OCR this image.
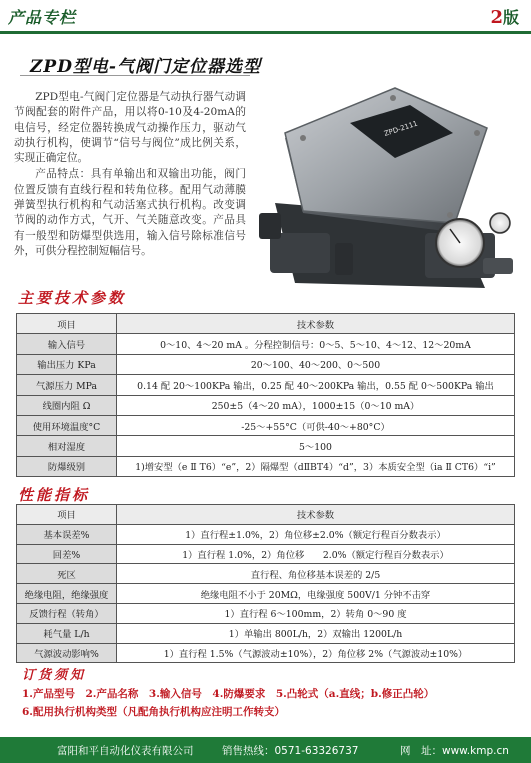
产品专栏	2版
ZPD型电-气阀门定位器选型

ZPD型电-气阀门定位器是气动执行器气动调节阀配套的附件产品，用以将0-10及4-20mA的电信号，经定位器转换成气动操作压力，驱动气动执行机构，使调节“信号与阀位”成比例关系，实现正确定位。

产品特点：具有单输出和双输出功能，阀门位置反馈有直线行程和转角位移。配用气动薄膜弹簧型执行机构和气动活塞式执行机构。改变调节阀的动作方式，气开、气关随意改变。产品具有一般型和防爆型供选用，输入信号除标准信号外，可供分程控制短幅信号。

ZPD-2111
主要技术参数
项目	技术参数
输入信号	0～10、4～20 mA 。分程控制信号：0～5、5～10、4～12、12～20mA
输出压力 KPa	20～100、40～200、0～500
气源压力 MPa	0.14 配 20～100KPa 输出，0.25 配 40～200KPa 输出，0.55 配 0～500KPa 输出
线圈内阻 Ω	250±5（4～20 mA），1000±15（0～10 mA）
使用环境温度°C	-25～+55°C（可供-40～+80°C）
相对湿度	5～100
防爆级别	1)增安型（e Ⅱ T6）“e”，2）隔爆型（dⅡBT4）“d”，3）本质安全型（ia Ⅱ CT6）“i”
性能指标
项目	技术参数
基本误差%	1）直行程±1.0%，2）角位移±2.0%（额定行程百分数表示）
回差%	1）直行程 1.0%，2）角位移　　2.0%（额定行程百分数表示）
死区	直行程、角位移基本误差的 2/5
绝缘电阻，绝缘强度	绝缘电阻不小于 20MΩ，电缘强度 500V/1 分钟不击穿
反馈行程（转角）	1）直行程 6～100mm，2）转角 0～90 度
耗气量 L/h	1）单输出 800L/h，2）双输出 1200L/h
气源波动影响%	1）直行程 1.5%（气源波动±10%），2）角位移 2%（气源波动±10%）
订货须知
1.产品型号　2.产品名称　3.输入信号　4.防爆要求　5.凸轮式（a.直线；b.修正凸轮）
6.配用执行机构类型（凡配角执行机构应注明工作转支）
富阳和平自动化仪表有限公司	销售热线：0571-63326737	网　址：www.kmp.cn
